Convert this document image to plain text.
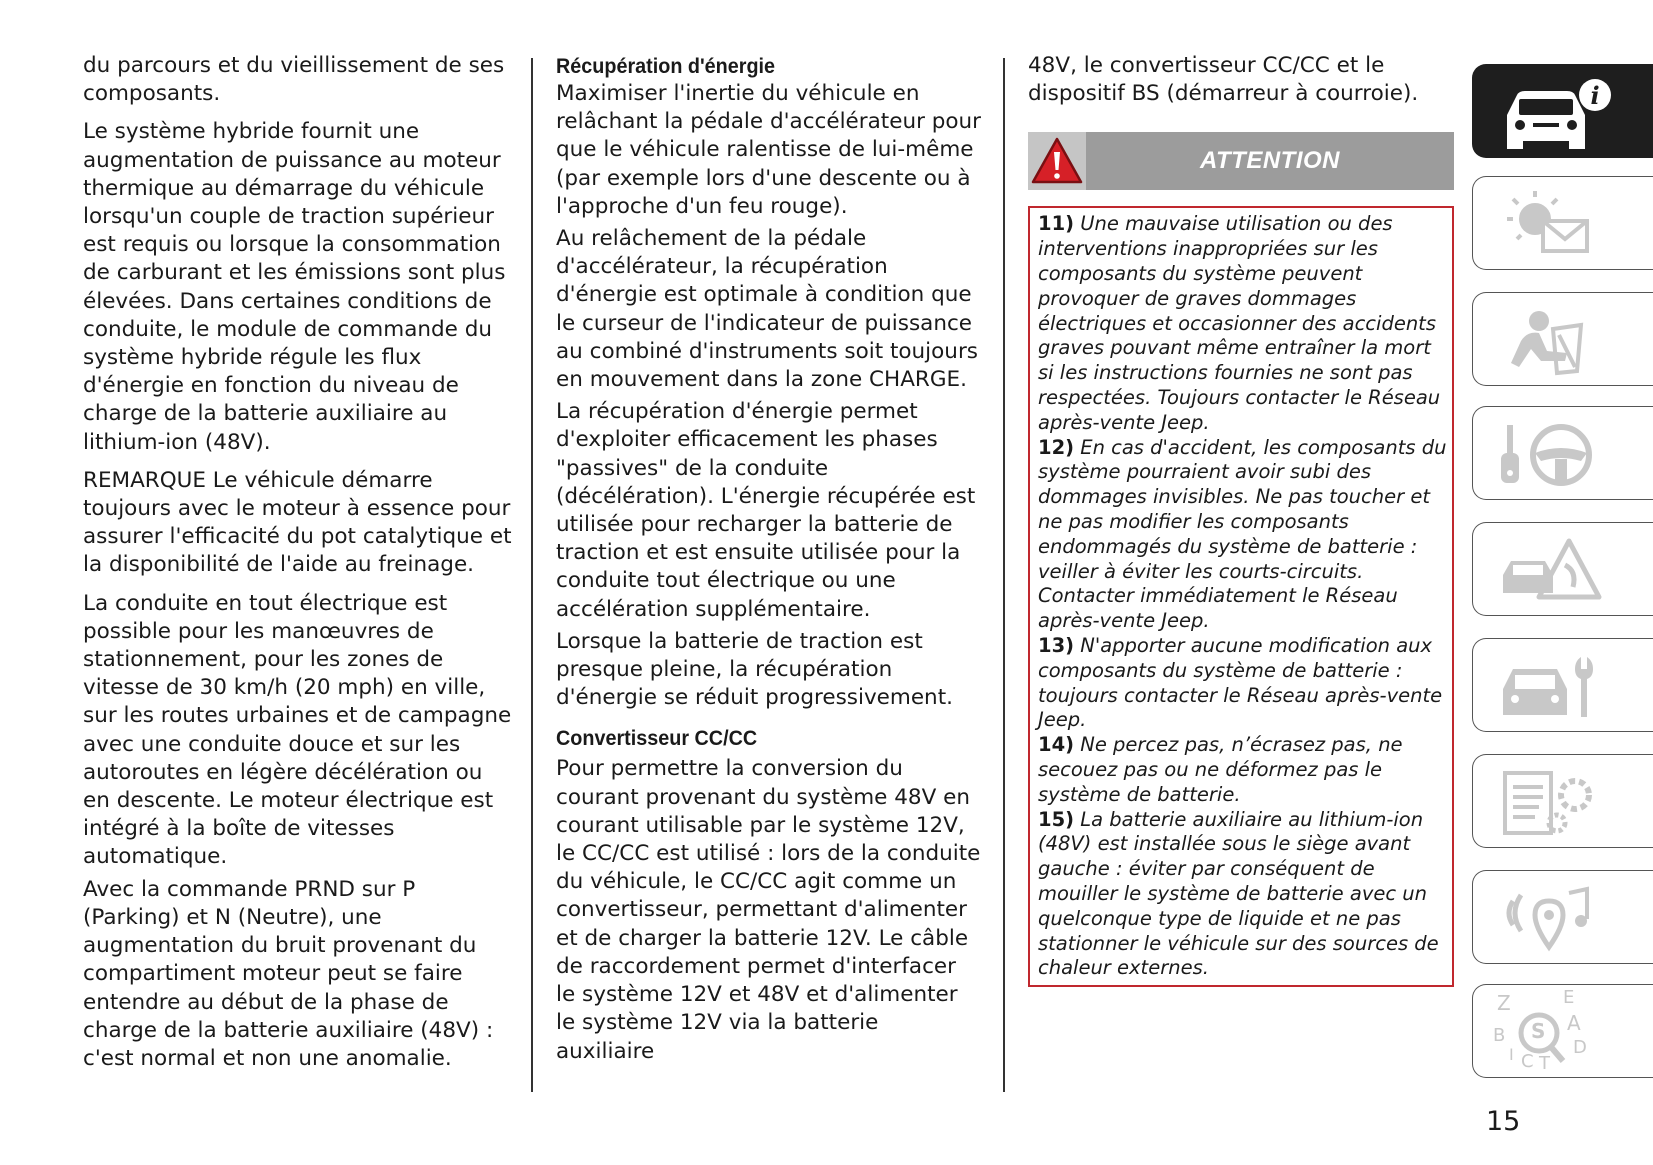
du parcours et du vieillissement de ses composants.

Le système hybride fournit une augmentation de puissance au moteur thermique au démarrage du véhicule lorsqu'un couple de traction supérieur est requis ou lorsque la consommation de carburant et les émissions sont plus élevées. Dans certaines conditions de conduite, le module de commande du système hybride régule les flux d'énergie en fonction du niveau de charge de la batterie auxiliaire au lithium-ion (48V).

REMARQUE Le véhicule démarre toujours avec le moteur à essence pour assurer l'efficacité du pot catalytique et la disponibilité de l'aide au freinage.

La conduite en tout électrique est possible pour les manœuvres de stationnement, pour les zones de vitesse de 30 km/h (20 mph) en ville, sur les routes urbaines et de campagne avec une conduite douce et sur les autoroutes en légère décélération ou en descente. Le moteur électrique est intégré à la boîte de vitesses automatique.

Avec la commande PRND sur P (Parking) et N (Neutre), une augmentation du bruit provenant du compartiment moteur peut se faire entendre au début de la phase de charge de la batterie auxiliaire (48V) : c'est normal et non une anomalie.

Récupération d'énergie

Maximiser l'inertie du véhicule en relâchant la pédale d'accélérateur pour que le véhicule ralentisse de lui-même (par exemple lors d'une descente ou à l'approche d'un feu rouge).

Au relâchement de la pédale d'accélérateur, la récupération d'énergie est optimale à condition que le curseur de l'indicateur de puissance au combiné d'instruments soit toujours en mouvement dans la zone CHARGE.

La récupération d'énergie permet d'exploiter efficacement les phases "passives" de la conduite (décélération). L'énergie récupérée est utilisée pour recharger la batterie de traction et est ensuite utilisée pour la conduite tout électrique ou une accélération supplémentaire.

Lorsque la batterie de traction est presque pleine, la récupération d'énergie se réduit progressivement.

Convertisseur CC/CC

Pour permettre la conversion du courant provenant du système 48V en courant utilisable par le système 12V, le CC/CC est utilisé : lors de la conduite du véhicule, le CC/CC agit comme un convertisseur, permettant d'alimenter et de charger la batterie 12V. Le câble de raccordement permet d'interfacer le système 12V et 48V et d'alimenter le système 12V via la batterie auxiliaire

48V, le convertisseur CC/CC et le dispositif BS (démarreur à courroie).

ATTENTION

11) Une mauvaise utilisation ou des interventions inappropriées sur les composants du système peuvent provoquer de graves dommages électriques et occasionner des accidents graves pouvant même entraîner la mort si les instructions fournies ne sont pas respectées. Toujours contacter le Réseau après-vente Jeep.

12) En cas d'accident, les composants du système pourraient avoir subi des dommages invisibles. Ne pas toucher et ne pas modifier les composants endommagés du système de batterie : veiller à éviter les courts-circuits. Contacter immédiatement le Réseau après-vente Jeep.

13) N'apporter aucune modification aux composants du système de batterie : toujours contacter le Réseau après-vente Jeep.

14) Ne percez pas, n’écrasez pas, ne secouez pas ou ne déformez pas le système de batterie.

15) La batterie auxiliaire au lithium-ion (48V) est installée sous le siège avant gauche : éviter par conséquent de mouiller le système de batterie avec un quelconque type de liquide et ne pas stationner le véhicule sur des sources de chaleur externes.

i
Z	E
S A
B
D
C T
I
15
